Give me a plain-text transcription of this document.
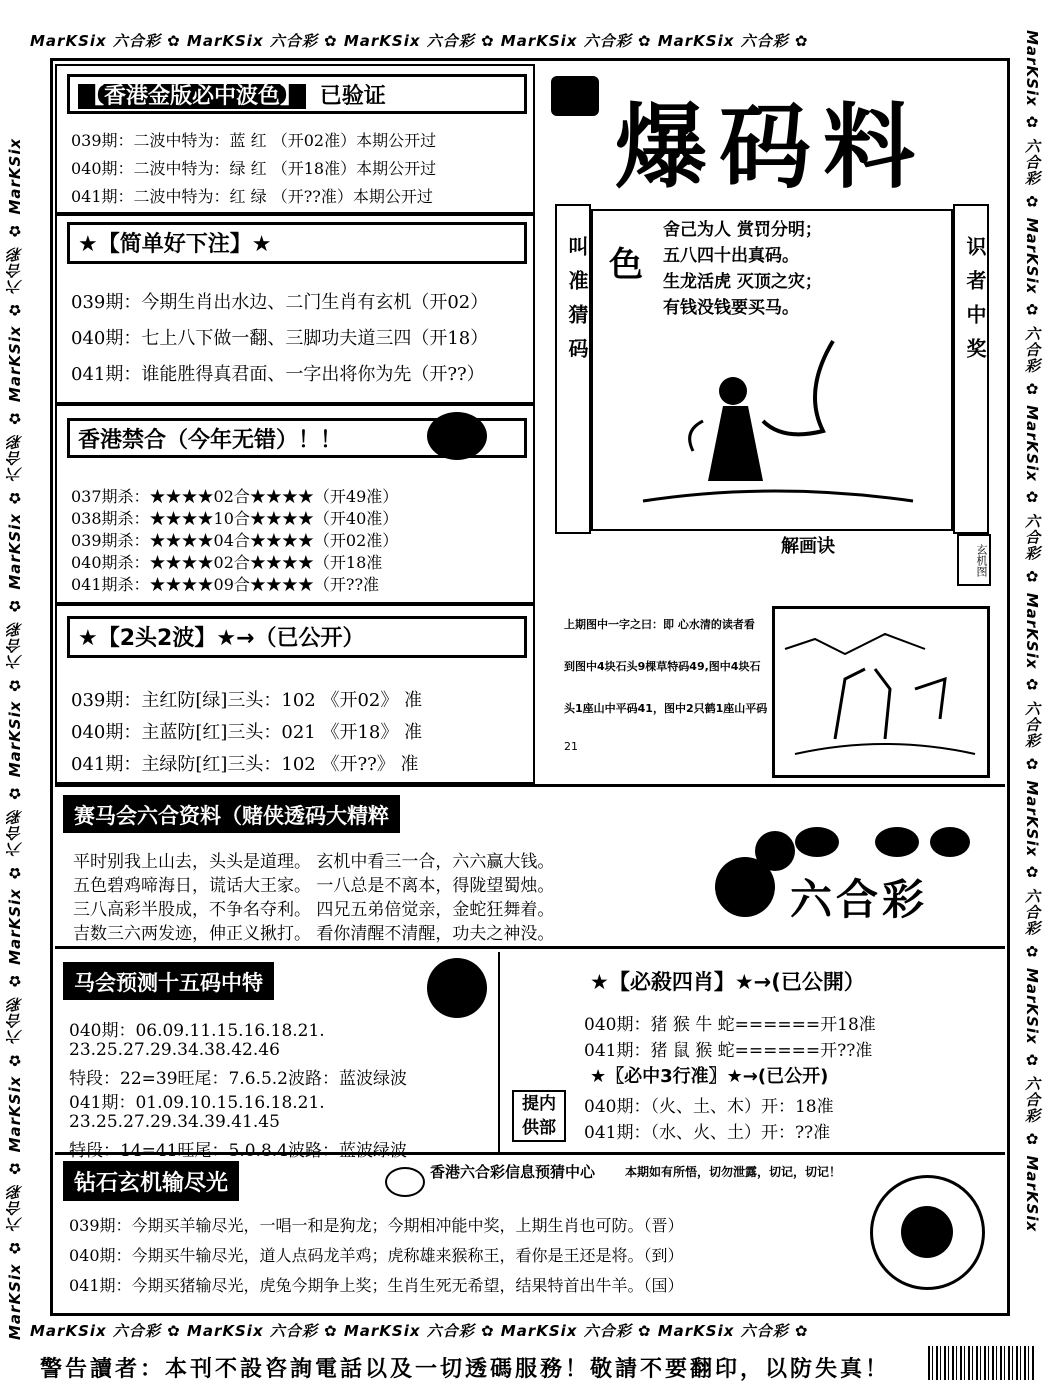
MarKSix 六合彩 ✿ MarKSix 六合彩 ✿ MarKSix 六合彩 ✿ MarKSix 六合彩 ✿ MarKSix 六合彩 ✿
MarKSix 六合彩 ✿ MarKSix 六合彩 ✿ MarKSix 六合彩 ✿ MarKSix 六合彩 ✿ MarKSix 六合彩 ✿
MarKSix ✿ 六合彩 ✿ MarKSix ✿ 六合彩 ✿ MarKSix ✿ 六合彩 ✿ MarKSix ✿ 六合彩 ✿ MarKSix ✿ 六合彩 ✿ MarKSix ✿ 六合彩 ✿ MarKSix	MarKSix ✿ 六合彩 ✿ MarKSix ✿ 六合彩 ✿ MarKSix ✿ 六合彩 ✿ MarKSix ✿ 六合彩 ✿ MarKSix ✿ 六合彩 ✿ MarKSix ✿ 六合彩 ✿ MarKSix
【香港金版必中波色】 已验证
039期：二波中特为：蓝 红 （开02准）本期公开过
040期：二波中特为：绿 红 （开18准）本期公开过
041期：二波中特为：红 绿 （开??准）本期公开过
★【简单好下注】★
039期：今期生肖出水边、二门生肖有玄机（开02）
040期：七上八下做一翻、三脚功夫道三四（开18）
041期：谁能胜得真君面、一字出将你为先（开??）
香港禁合（今年无错）！！
037期杀：★★★★02合★★★★（开49准）
038期杀：★★★★10合★★★★（开40准）
039期杀：★★★★04合★★★★（开02准）
040期杀：★★★★02合★★★★（开18准
041期杀：★★★★09合★★★★（开??准
★【2头2波】★→（已公开）
039期：主红防[绿]三头：102 《开02》 准
040期：主蓝防[红]三头：021 《开18》 准
041期：主绿防[红]三头：102 《开??》 准
爆码料
叫准猜码	识者中奖
色
舍己为人 赏罚分明；
五八四十出真码。
生龙活虎 灭顶之灾；
有钱没钱要买马。
解画诀	玄机图
上期图中一字之曰：即 心水清的读者看
到图中4块石头9棵草特码49,图中4块石
头1座山中平码41，图中2只鹤1座山平码
21
赛马会六合资料（赌侠透码大精粹
平时别我上山去，头头是道理。 玄机中看三一合，六六赢大钱。
五色碧鸡啼海日，谎话大王家。 一八总是不离本，得陇望蜀烛。
三八高彩半股成，不争名夺利。 四兄五弟倍觉亲，金蛇狂舞着。
吉数三六两发迹，伸正义揪打。 看你清醒不清醒，功夫之神没。
六合彩
马会预测十五码中特
040期：06.09.11.15.16.18.21.
23.25.27.29.34.38.42.46
特段：22=39旺尾：7.6.5.2波路：蓝波绿波
041期：01.09.10.15.16.18.21.
23.25.27.29.34.39.41.45
特段：14=41旺尾：5.0.8.4波路：蓝波绿波
★【必殺四肖】★→(已公開）
040期：猪 猴 牛 蛇======开18准
041期：猪 鼠 猴 蛇======开??准
★〖必中3行准〗★→(已公开)
040期：（火、土、木）开：18准
041期：（水、火、土）开：??准
提内供部
钻石玄机输尽光	香港六合彩信息预猜中心 本期如有所悟，切勿泄露，切记，切记！
039期：今期买羊输尽光，一唱一和是狗龙；今期相冲能中奖，上期生肖也可防。（晋）
040期：今期买牛输尽光，道人点码龙羊鸡；虎称雄来猴称王，看你是王还是将。（到）
041期：今期买猪输尽光，虎兔今期争上奖；生肖生死无希望，结果特首出牛羊。（国）
警告讀者：本刊不設咨詢電話以及一切透碼服務！敬請不要翻印，以防失真！
